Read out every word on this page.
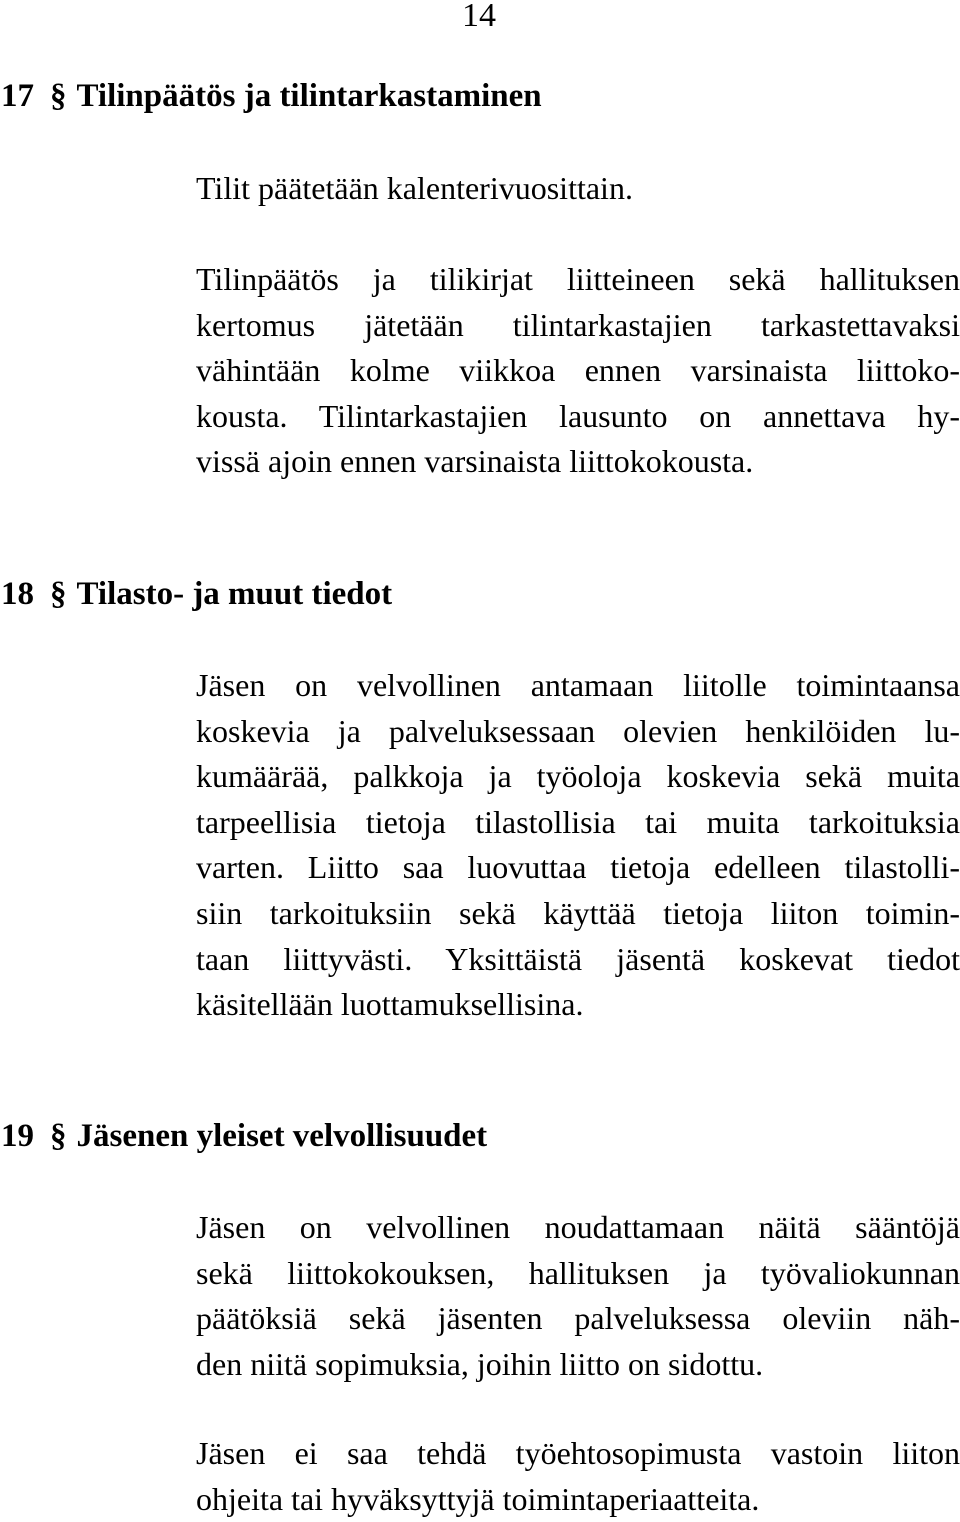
14
17 § Tilinpäätös ja tilintarkastaminen
Tilit päätetään kalenterivuosittain.
Tilinpäätös ja tilikirjat liitteineen sekä hallituksen
kertomus jätetään tilintarkastajien tarkastettavaksi
vähintään kolme viikkoa ennen varsinaista liittoko-
kousta. Tilintarkastajien lausunto on annettava hy-
vissä ajoin ennen varsinaista liittokokousta.
18 § Tilasto- ja muut tiedot
Jäsen on velvollinen antamaan liitolle toimintaansa
koskevia ja palveluksessaan olevien henkilöiden lu-
kumäärää, palkkoja ja työoloja koskevia sekä muita
tarpeellisia tietoja tilastollisia tai muita tarkoituksia
varten. Liitto saa luovuttaa tietoja edelleen tilastolli-
siin tarkoituksiin sekä käyttää tietoja liiton toimin-
taan liittyvästi. Yksittäistä jäsentä koskevat tiedot
käsitellään luottamuksellisina.
19 § Jäsenen yleiset velvollisuudet
Jäsen on velvollinen noudattamaan näitä sääntöjä
sekä liittokokouksen, hallituksen ja työvaliokunnan
päätöksiä sekä jäsenten palveluksessa oleviin näh-
den niitä sopimuksia, joihin liitto on sidottu.
Jäsen ei saa tehdä työehtosopimusta vastoin liiton
ohjeita tai hyväksyttyjä toimintaperiaatteita.
